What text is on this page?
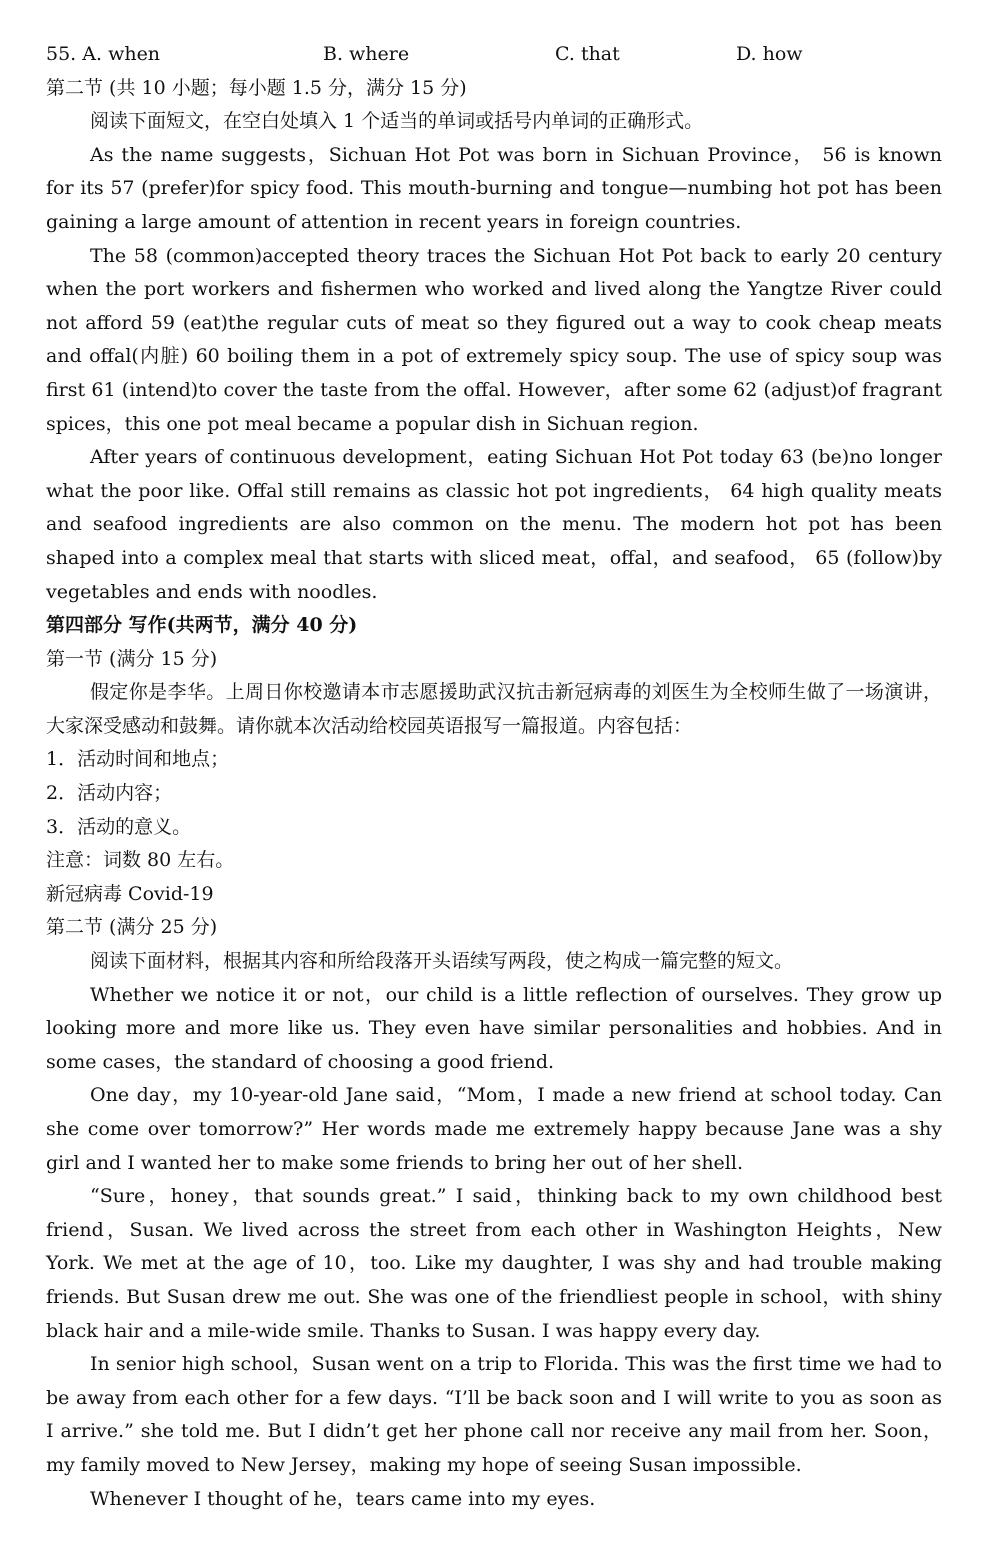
55. A. when	B. where	C. that	D. how
第二节 (共 10 小题；每小题 1.5 分，满分 15 分)
阅读下面短文，在空白处填入 1 个适当的单词或括号内单词的正确形式。
As the name suggests，Sichuan Hot Pot was born in Sichuan Province， 56 is known for its 57 (prefer)for spicy food. This mouth-burning and tongue—numbing hot pot has been gaining a large amount of attention in recent years in foreign countries.
The 58 (common)accepted theory traces the Sichuan Hot Pot back to early 20 century when the port workers and fishermen who worked and lived along the Yangtze River could not afford 59 (eat)the regular cuts of meat so they figured out a way to cook cheap meats and offal(内脏) 60 boiling them in a pot of extremely spicy soup. The use of spicy soup was first 61 (intend)to cover the taste from the offal. However，after some 62 (adjust)of fragrant spices，this one pot meal became a popular dish in Sichuan region.
After years of continuous development，eating Sichuan Hot Pot today 63 (be)no longer what the poor like. Offal still remains as classic hot pot ingredients， 64 high quality meats and seafood ingredients are also common on the menu. The modern hot pot has been shaped into a complex meal that starts with sliced meat，offal，and seafood， 65 (follow)by vegetables and ends with noodles.
第四部分 写作(共两节，满分 40 分)
第一节 (满分 15 分)
假定你是李华。上周日你校邀请本市志愿援助武汉抗击新冠病毒的刘医生为全校师生做了一场演讲，大家深受感动和鼓舞。请你就本次活动给校园英语报写一篇报道。内容包括：
1．活动时间和地点；
2．活动内容；
3．活动的意义。
注意：词数 80 左右。
新冠病毒 Covid-19
第二节 (满分 25 分)
阅读下面材料，根据其内容和所给段落开头语续写两段，使之构成一篇完整的短文。
Whether we notice it or not，our child is a little reflection of ourselves. They grow up looking more and more like us. They even have similar personalities and hobbies. And in some cases，the standard of choosing a good friend.
One day，my 10-year-old Jane said，“Mom，I made a new friend at school today. Can she come over tomorrow?” Her words made me extremely happy because Jane was a shy girl and I wanted her to make some friends to bring her out of her shell.
“Sure，honey，that sounds great.” I said，thinking back to my own childhood best friend，Susan. We lived across the street from each other in Washington Heights，New York. We met at the age of 10，too. Like my daughter, I was shy and had trouble making friends. But Susan drew me out. She was one of the friendliest people in school，with shiny black hair and a mile-wide smile. Thanks to Susan. I was happy every day.
In senior high school，Susan went on a trip to Florida. This was the first time we had to be away from each other for a few days. “I’ll be back soon and I will write to you as soon as I arrive.” she told me. But I didn’t get her phone call nor receive any mail from her. Soon，my family moved to New Jersey，making my hope of seeing Susan impossible.
Whenever I thought of he，tears came into my eyes.
